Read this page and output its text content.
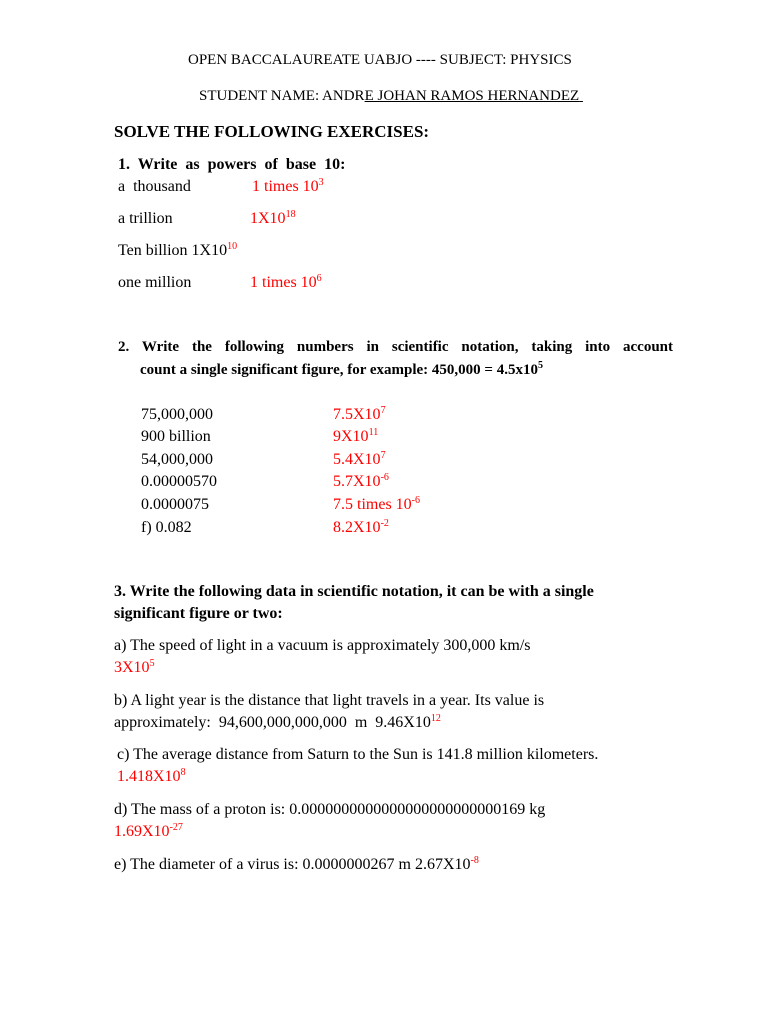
OPEN BACCALAUREATE UABJO ---- SUBJECT: PHYSICS
STUDENT NAME: ANDRE JOHAN RAMOS HERNANDEZ
SOLVE THE FOLLOWING EXERCISES:
1.  Write  as  powers  of  base  10:
a  thousand	1 times $10^3$
a trillion	$1X10^{18}$
Ten billion $1X10^{10}$
one million	1 times $10^6$
2.  Write  the  following  numbers  in  scientific  notation,  taking  into  account
count a single significant figure, for example: $450,000 = 4.5x10^5$
75,000,000	$7.5X10^7$
900 billion	$9X10^{11}$
54,000,000	$5.4X10^7$
0.00000570	$5.7X10^{-6}$
0.0000075	7.5 times $10^{-6}$
f) 0.082	$8.2X10^{-2}$
3. Write the following data in scientific notation, it can be with a single
significant figure or two:
a) The speed of light in a vacuum is approximately 300,000 km/s
$3X10^5$
b) A light year is the distance that light travels in a year. Its value is
approximately:  94,600,000,000,000  m  $9.46X10^{12}$
c) The average distance from Saturn to the Sun is 141.8 million kilometers.
$1.418X10^8$
d) The mass of a proton is: 0.0000000000000000000000000169 kg
$1.69X10^{-27}$
e) The diameter of a virus is: 0.0000000267 m $2.67X10^{-8}$
